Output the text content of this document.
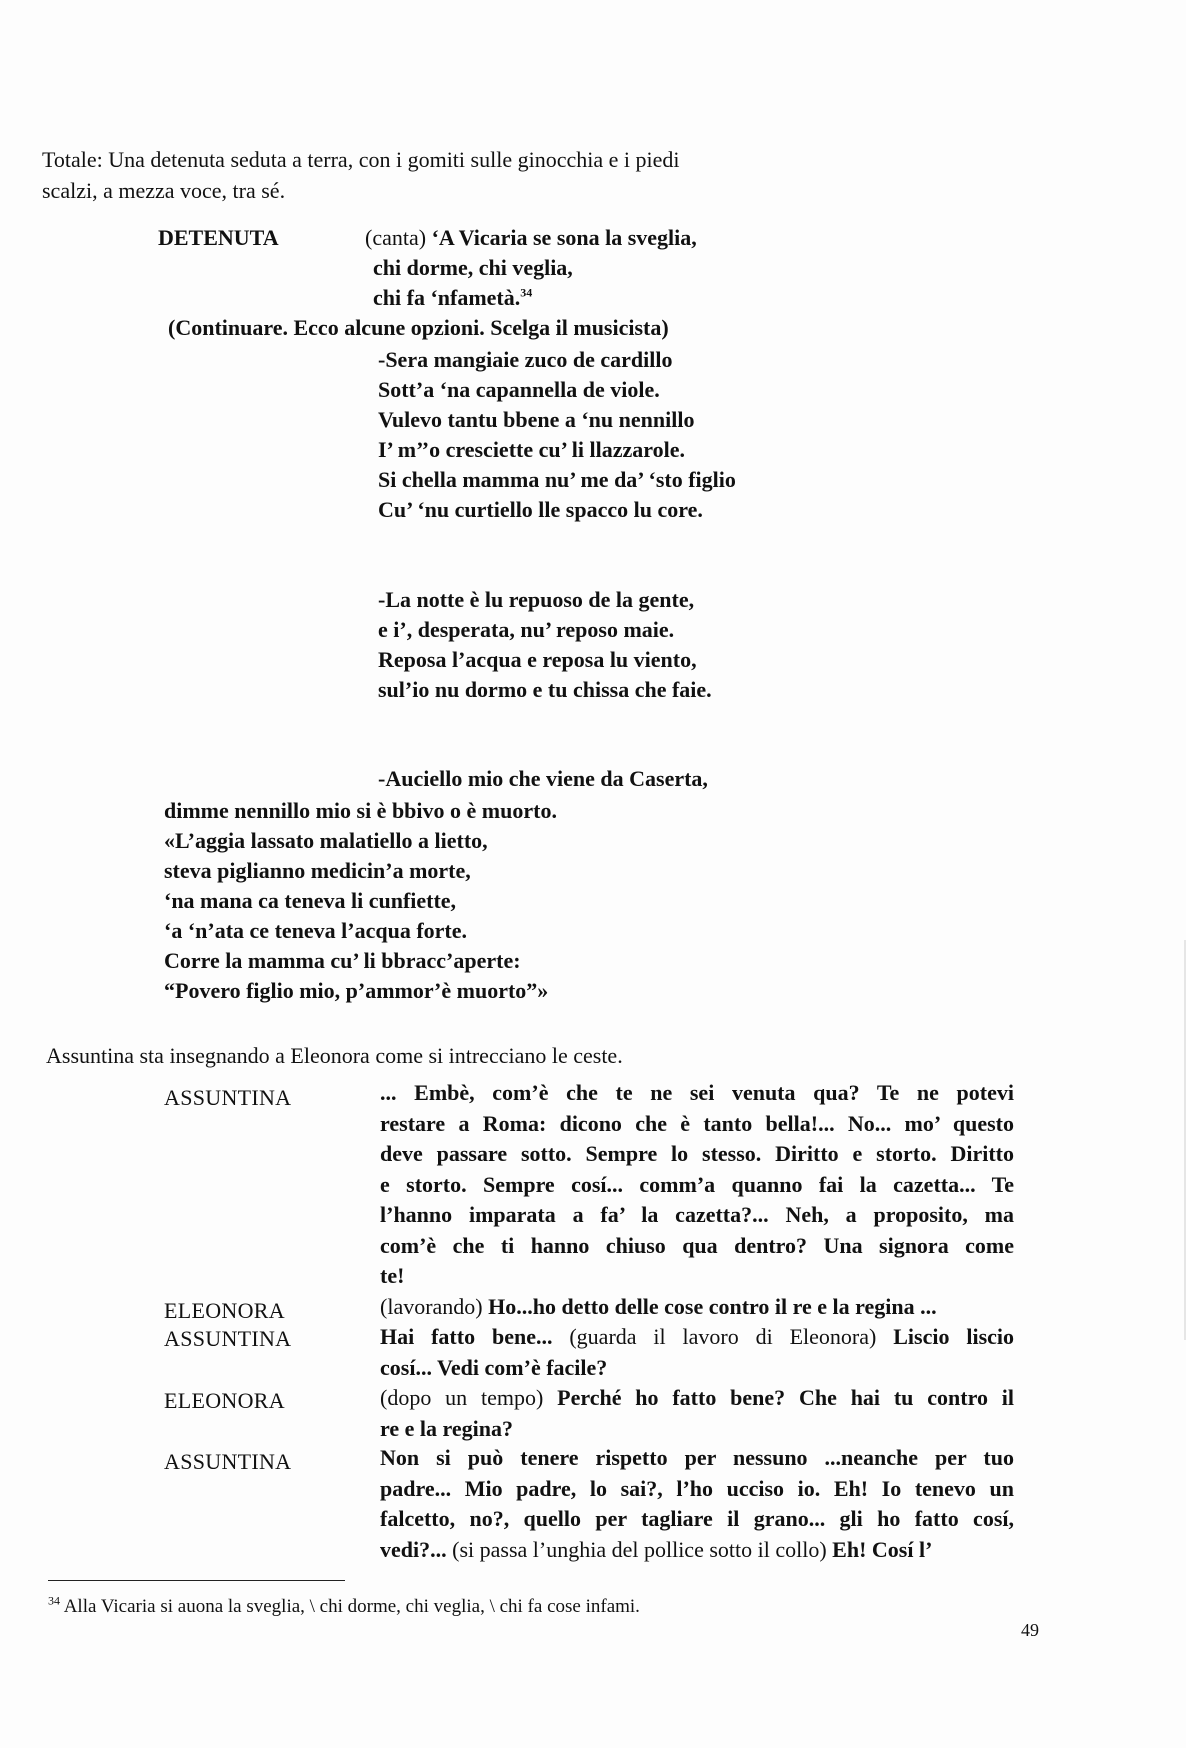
Totale: Una detenuta seduta a terra, con i gomiti sulle ginocchia e i piedi
scalzi, a mezza voce, tra sé.
DETENUTA	(canta) ‘A Vicaria se sona la sveglia,
chi dorme, chi veglia,
chi fa ‘nfametà.$^{34}$
(Continuare. Ecco alcune opzioni. Scelga il musicista)
-Sera mangiaie zuco de cardillo
Sott’a ‘na capannella de viole.
Vulevo tantu bbene a ‘nu nennillo
I’ m’’o cresciette cu’ li llazzarole.
Si chella mamma nu’ me da’ ‘sto figlio
Cu’ ‘nu curtiello lle spacco lu core.
-La notte è lu repuoso de la gente,
e i’, desperata, nu’ reposo maie.
Reposa l’acqua e reposa lu viento,
sul’io nu dormo e tu chissa che faie.
-Auciello mio che viene da Caserta,
dimme nennillo mio si è bbivo o è muorto.
«L’aggia lassato malatiello a lietto,
steva piglianno medicin’a morte,
‘na mana ca teneva li cunfiette,
‘a ‘n’ata ce teneva l’acqua forte.
Corre la mamma cu’ li bbracc’aperte:
“Povero figlio mio, p’ammor’è muorto”»
Assuntina sta insegnando a Eleonora come si intrecciano le ceste.
ASSUNTINA	... Embè, com’è che te ne sei venuta qua? Te ne potevi
restare a Roma: dicono che è tanto bella!... No... mo’ questo
deve passare sotto. Sempre lo stesso. Diritto e storto. Diritto
e storto. Sempre cosí... comm’a quanno fai la cazetta... Te
l’hanno imparata a fa’ la cazetta?... Neh, a proposito, ma
com’è che ti hanno chiuso qua dentro? Una signora come
te!
ELEONORA	(lavorando) Ho...ho detto delle cose contro il re e la regina ...
ASSUNTINA	Hai fatto bene... (guarda il lavoro di Eleonora) Liscio liscio
cosí... Vedi com’è facile?
ELEONORA	(dopo un tempo) Perché ho fatto bene? Che hai tu contro il
re e la regina?
ASSUNTINA	Non si può tenere rispetto per nessuno ...neanche per tuo
padre... Mio padre, lo sai?, l’ho ucciso io. Eh! Io tenevo un
falcetto, no?, quello per tagliare il grano... gli ho fatto cosí,
vedi?... (si passa l’unghia del pollice sotto il collo) Eh! Cosí l’
$^{34}$ Alla Vicaria si auona la sveglia, \ chi dorme, chi veglia, \ chi fa cose infami.
49
